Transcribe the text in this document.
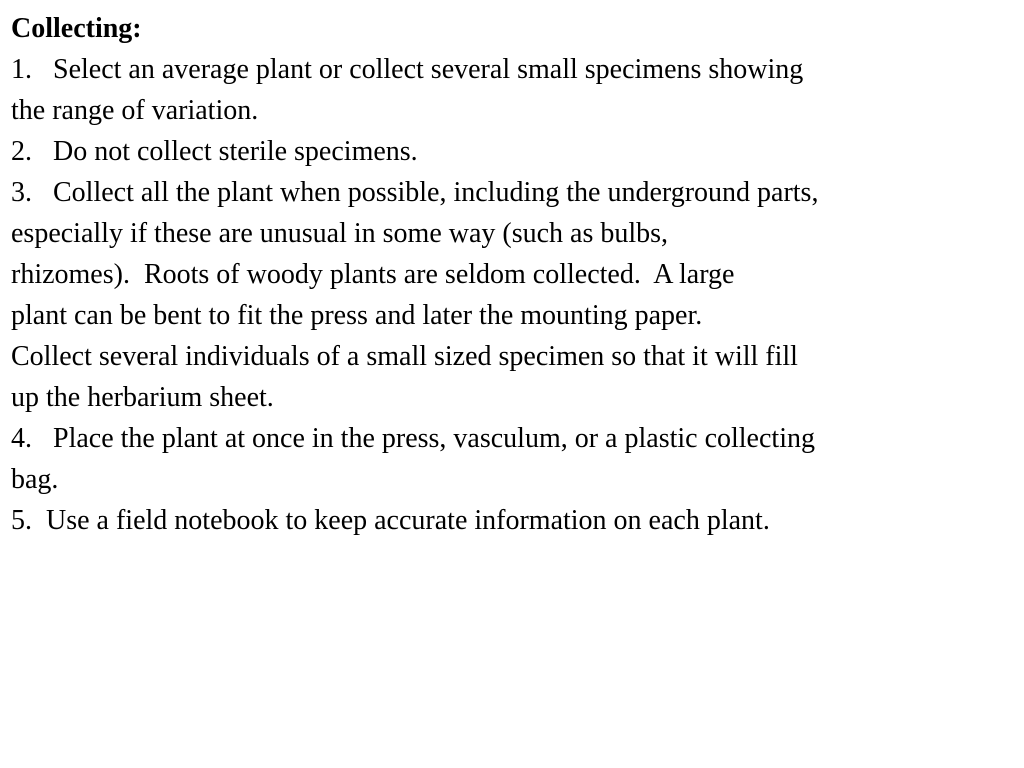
Collecting:
1.   Select an average plant or collect several small specimens showing
the range of variation.
2.   Do not collect sterile specimens.
3.   Collect all the plant when possible, including the underground parts,
especially if these are unusual in some way (such as bulbs,
rhizomes).  Roots of woody plants are seldom collected.  A large
plant can be bent to fit the press and later the mounting paper.
Collect several individuals of a small sized specimen so that it will fill
up the herbarium sheet.
4.   Place the plant at once in the press, vasculum, or a plastic collecting
bag.
5.  Use a field notebook to keep accurate information on each plant.
